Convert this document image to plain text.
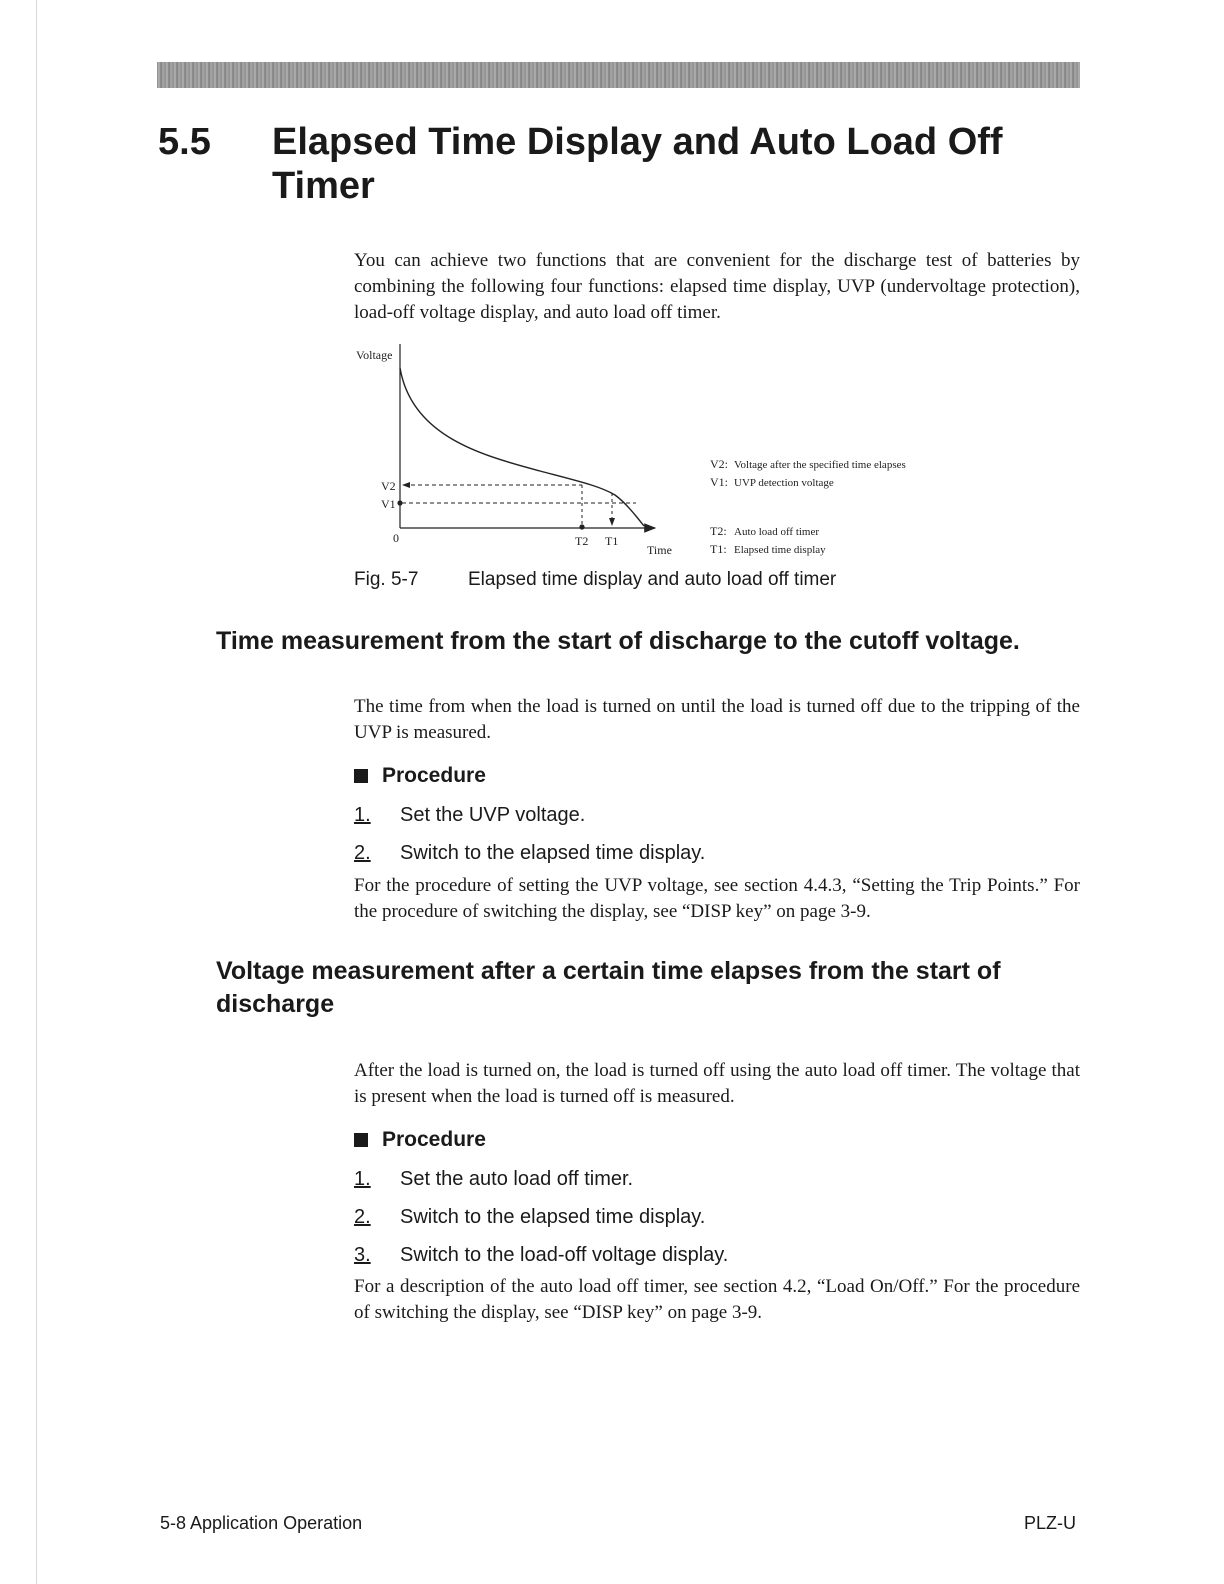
5.5 Elapsed Time Display and Auto Load Off Timer

You can achieve two functions that are convenient for the discharge test of batteries by combining the following four functions: elapsed time display, UVP (undervoltage protection), load-off voltage display, and auto load off timer.

Voltage
V2
V1
0	T2 T1
Time
V2: Voltage after the specified time elapses
V1: UVP detection voltage
T2: Auto load off timer
T1: Elapsed time display
Fig. 5-7	Elapsed time display and auto load off timer
Time measurement from the start of discharge to the cutoff voltage.

The time from when the load is turned on until the load is turned off due to the tripping of the UVP is measured.

Procedure
1. Set the UVP voltage.
2. Switch to the elapsed time display.

For the procedure of setting the UVP voltage, see section 4.4.3, “Setting the Trip Points.” For the procedure of switching the display, see “DISP key” on page 3-9.

Voltage measurement after a certain time elapses from the start of discharge

After the load is turned on, the load is turned off using the auto load off timer. The voltage that is present when the load is turned off is measured.

Procedure
1. Set the auto load off timer.
2. Switch to the elapsed time display.
3. Switch to the load-off voltage display.

For a description of the auto load off timer, see section 4.2, “Load On/Off.” For the procedure of switching the display, see “DISP key” on page 3-9.

5-8 Application Operation	PLZ-U
